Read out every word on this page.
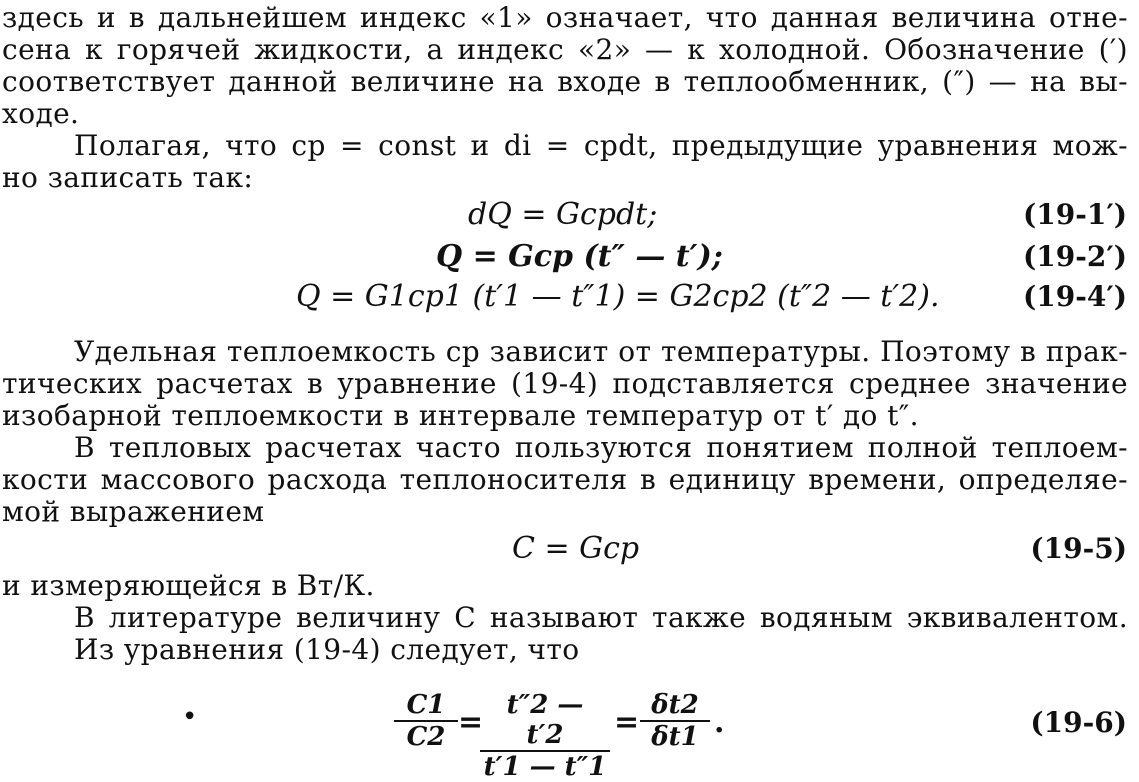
здесь и в дальнейшем индекс «1» означает, что данная величина отне-
сена к горячей жидкости, а индекс «2» — к холодной. Обозначение (′)
соответствует данной величине на входе в теплообменник, (″) — на вы-
ходе.
Полагая, что cp = const и di = cpdt, предыдущие уравнения мож-
но записать так:
dQ = Gcpdt;	(19-1′)
Q = Gcp (t″ — t′);	(19-2′)
Q = G1cp1 (t′1 — t″1) = G2cp2 (t″2 — t′2).	(19-4′)
Удельная теплоемкость cp зависит от температуры. Поэтому в прак-
тических расчетах в уравнение (19-4) подставляется среднее значение
изобарной теплоемкости в интервале температур от t′ до t″.
В тепловых расчетах часто пользуются понятием полной теплоем-
кости массового расхода теплоносителя в единицу времени, определяе-
мой выражением
C = Gcp	(19-5)
и измеряющейся в Вт/К.
В литературе величину C называют также водяным эквивалентом.
Из уравнения (19-4) следует, что
•	$\frac{C1}{C2}$ =
$\frac{t''2 — t'2}{t'1 — t''1} = \frac{\delta t2}{\delta t1}$ .	(19-6)
